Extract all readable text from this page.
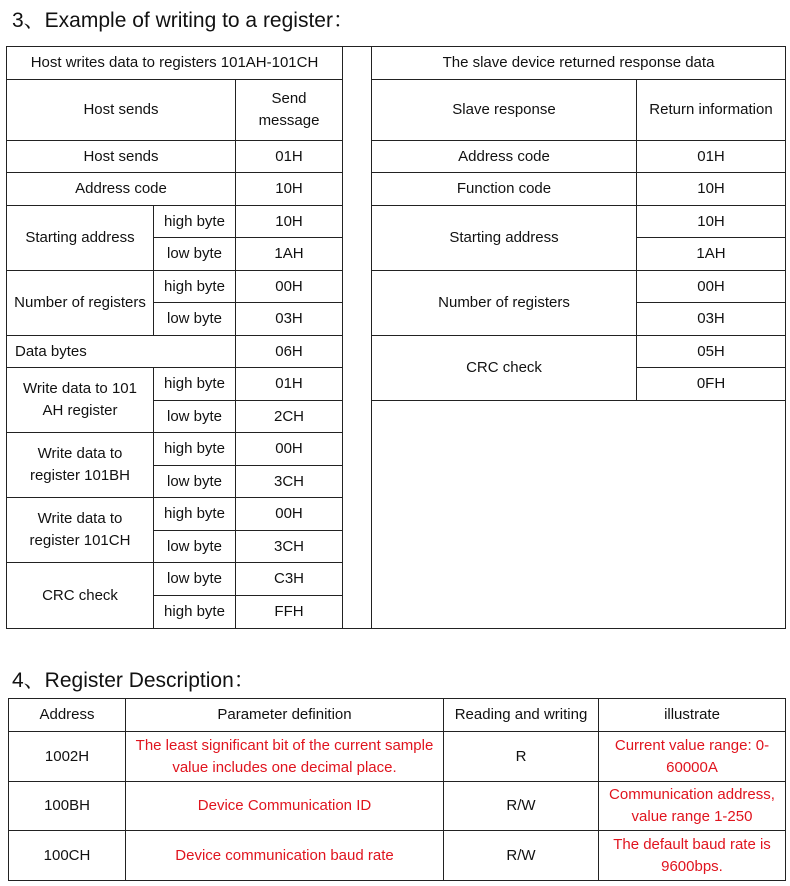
3、Example of writing to a register：
Host writes data to registers 101AH-101CH				The slave device returned response data	
Host sends		Send message		Slave response	Return information
Host sends		01H		Address code	01H
Address code		10H		Function code	10H
Starting address	high byte	10H		Starting address	10H
	low byte	1AH			1AH
Number of registers	high byte	00H		Number of registers	00H
	low byte	03H			03H
Data bytes		06H		CRC check	05H
Write data to 101 AH register	high byte	01H			0FH
	low byte	2CH			
Write data to register 101BH	high byte	00H			
	low byte	3CH			
Write data to register 101CH	high byte	00H			
	low byte	3CH			
CRC check	low byte	C3H			
	high byte	FFH			
4、Register Description：
Address	Parameter definition	Reading and writing	illustrate
1002H	The least significant bit of the current sample value includes one decimal place.	R	Current value range: 0-60000A
100BH	Device Communication ID	R/W	Communication address, value range 1-250
100CH	Device communication baud rate	R/W	The default baud rate is 9600bps.
